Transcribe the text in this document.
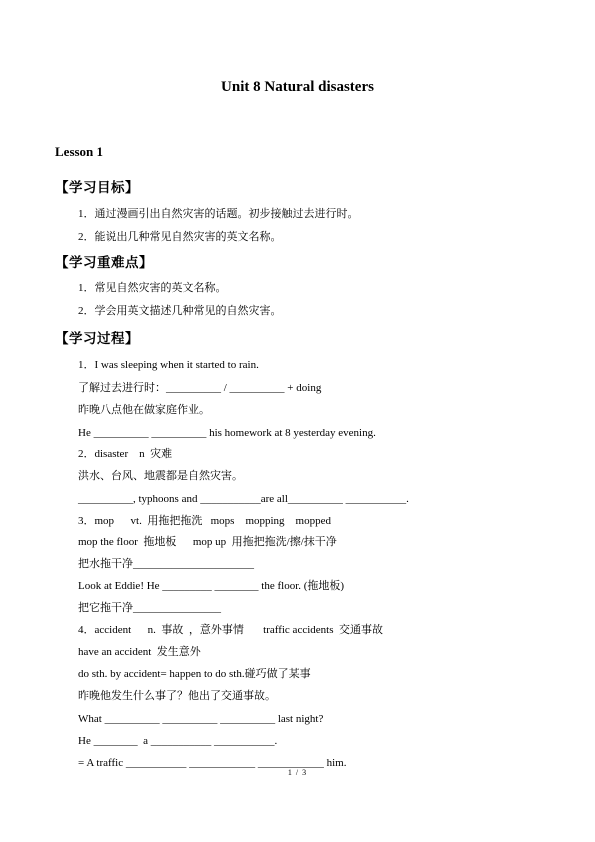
Unit 8 Natural disasters
Lesson 1
【学习目标】
1．通过漫画引出自然灾害的话题。初步接触过去进行时。
2．能说出几种常见自然灾害的英文名称。
【学习重难点】
1．常见自然灾害的英文名称。
2．学会用英文描述几种常见的自然灾害。
【学习过程】
1．I was sleeping when it started to rain.
了解过去进行时：__________ / __________ + doing
昨晚八点他在做家庭作业。
He __________ __________ his homework at 8 yesterday evening.
2．disaster    n  灾难
洪水、台风、地震都是自然灾害。
__________, typhoons and ___________are all__________ ___________.
3．mop      vt.  用拖把拖洗   mops    mopping    mopped
mop the floor  拖地板      mop up  用拖把拖洗/擦/抹干净
把水拖干净______________________
Look at Eddie! He _________ ________ the floor. (拖地板)
把它拖干净________________
4．accident      n.  事故  ，意外事情       traffic accidents  交通事故
have an accident  发生意外
do sth. by accident= happen to do sth.碰巧做了某事
昨晚他发生什么事了？他出了交通事故。
What __________ __________ __________ last night?
He ________  a ___________ ___________.
= A traffic ___________ ____________ ____________ him.
1 / 3
